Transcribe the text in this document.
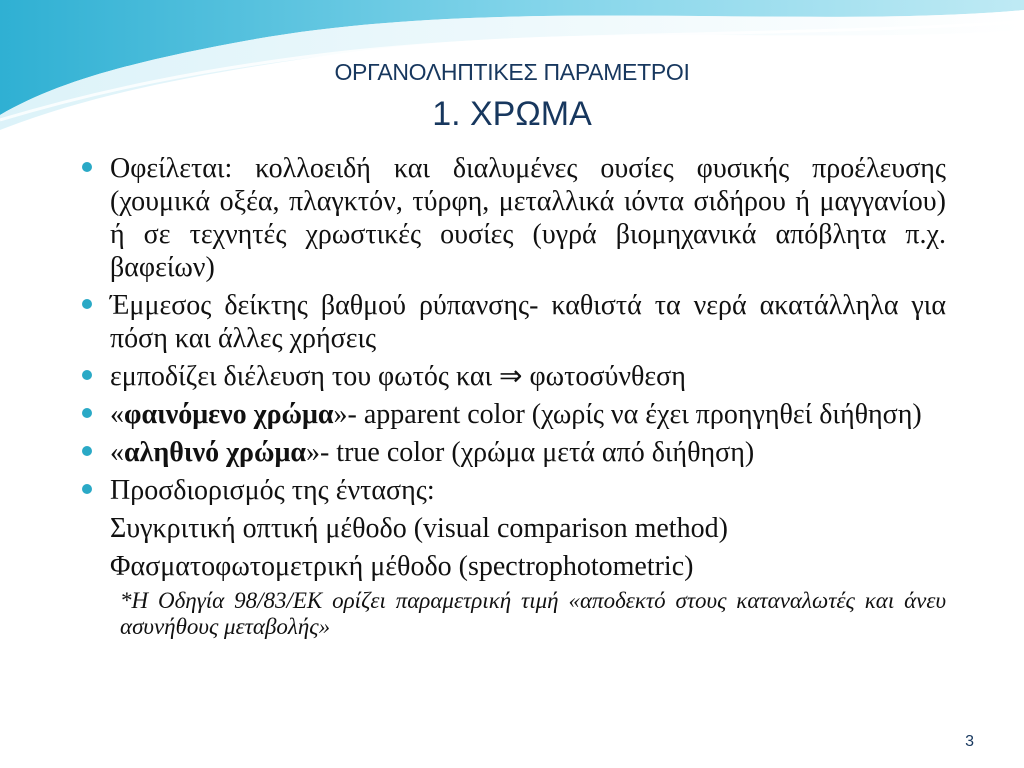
ΟΡΓΑΝΟΛΗΠΤΙΚΕΣ ΠΑΡΑΜΕΤΡΟΙ
1. ΧΡΩΜΑ
Οφείλεται: κολλοειδή και διαλυμένες ουσίες φυσικής προέλευσης (χουμικά οξέα, πλαγκτόν, τύρφη, μεταλλικά ιόντα σιδήρου ή μαγγανίου) ή σε τεχνητές χρωστικές ουσίες (υγρά βιομηχανικά απόβλητα π.χ. βαφείων)
Έμμεσος δείκτης βαθμού ρύπανσης- καθιστά τα νερά ακατάλληλα για πόση και άλλες χρήσεις
εμποδίζει διέλευση του φωτός και ⇒ φωτοσύνθεση
«φαινόμενο χρώμα»- apparent color (χωρίς να έχει προηγηθεί διήθηση)
«αληθινό χρώμα»- true color (χρώμα μετά από διήθηση)
Προσδιορισμός της έντασης:
Συγκριτική οπτική μέθοδο (visual comparison method)
Φασματοφωτομετρική μέθοδο (spectrophotometric)
*Η Οδηγία 98/83/ΕΚ ορίζει παραμετρική τιμή «αποδεκτό στους καταναλωτές και άνευ ασυνήθους μεταβολής»
3
